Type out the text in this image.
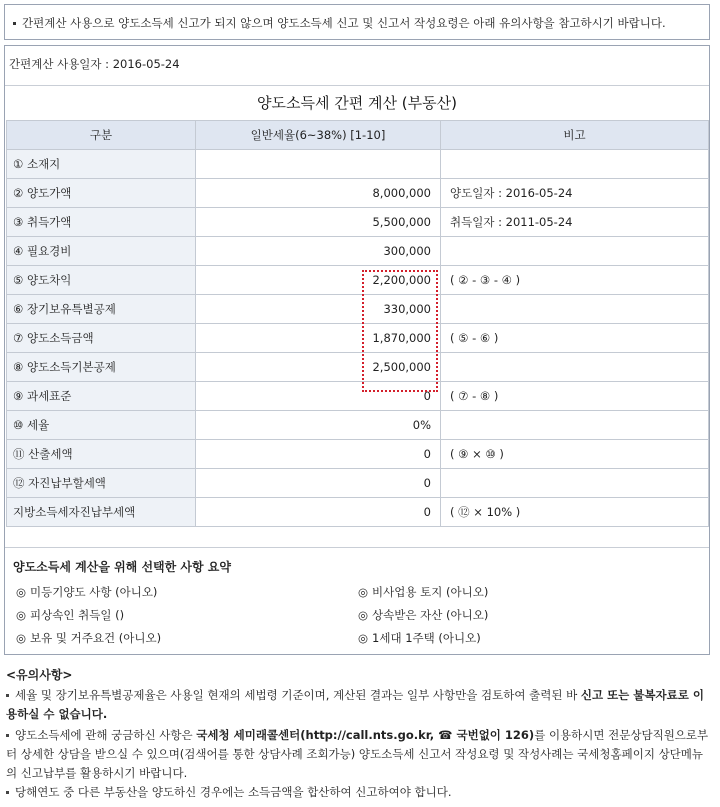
간편계산 사용으로 양도소득세 신고가 되지 않으며 양도소득세 신고 및 신고서 작성요령은 아래 유의사항을 참고하시기 바랍니다.
간편계산 사용일자 : 2016-05-24
양도소득세 간편 계산 (부동산)
구분	일반세율(6~38%) [1-10]	비고
① 소재지		
② 양도가액	8,000,000	양도일자 : 2016-05-24
③ 취득가액	5,500,000	취득일자 : 2011-05-24
④ 필요경비	300,000	
⑤ 양도차익	2,200,000	( ② - ③ - ④ )
⑥ 장기보유특별공제	330,000	
⑦ 양도소득금액	1,870,000	( ⑤ - ⑥ )
⑧ 양도소득기본공제	2,500,000	
⑨ 과세표준	0	( ⑦ - ⑧ )
⑩ 세율	0%	
⑪ 산출세액	0	( ⑨ × ⑩ )
⑫ 자진납부할세액	0	
지방소득세자진납부세액	0	( ⑫ × 10% )
양도소득세 계산을 위해 선택한 사항 요약
◎ 미등기양도 사항 (아니오)	◎ 비사업용 토지 (아니오)
◎ 피상속인 취득일 ()	◎ 상속받은 자산 (아니오)
◎ 보유 및 거주요건 (아니오)	◎ 1세대 1주택 (아니오)
<유의사항>
세율 및 장기보유특별공제율은 사용일 현재의 세법령 기준이며, 계산된 결과는 일부 사항만을 검토하여 출력된 바 신고 또는 불복자료로 이용하실 수 없습니다.
양도소득세에 관해 궁금하신 사항은 국세청 세미래콜센터(http://call.nts.go.kr, ☎ 국번없이 126)를 이용하시면 전문상담직원으로부터 상세한 상담을 받으실 수 있으며(검색어를 통한 상담사례 조회가능) 양도소득세 신고서 작성요령 및 작성사례는 국세청홈페이지 상단메뉴의 신고납부를 활용하시기 바랍니다.
당해연도 중 다른 부동산을 양도하신 경우에는 소득금액을 합산하여 신고하여야 합니다.
